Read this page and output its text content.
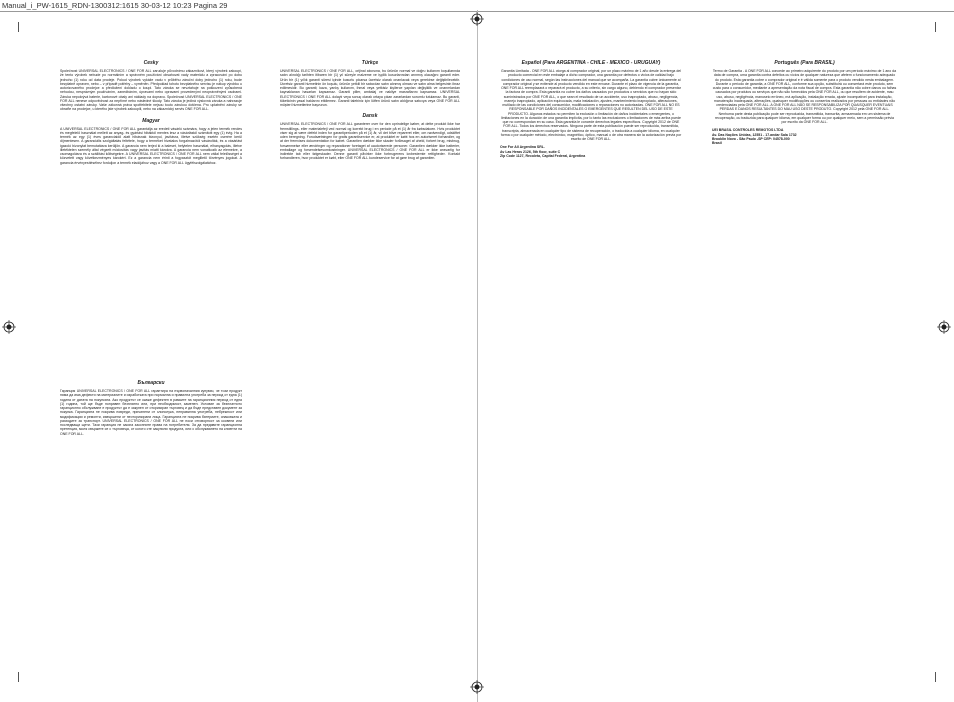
Manual_i_PW-1615_RDN-1300312:1615 30-03-12 10:23 Pagina 29
Česky

Společnost UNIVERSAL ELECTRONICS / ONE FOR ALL zaručuje původnímu zákazníkovi, který výrobek zakoupí, že tento výrobek nebude po normálním a správném používání obsahovat vady materiálu a zpracování po dobu jednoho (1) roku od data prodeje. Pokud výrobek vykáže vadu v průběhu záruční doby jednoho (1) roku, bude bezplatně opraven, nebo – v případě potřeby – vyměněn. Předpoklad tohoto bezplatného servisu je nákup výrobku u autorizovaného prodejce a předložení dokladu o koupi. Tato záruka se nevztahuje na poškození způsobená nehodou, nesprávným používáním, zanedbáním, úpravami nebo opravami provedenými neoprávněnými osobami. Záruka nepokrývá baterie, kartonové obaly ani náklady na dopravu. Společnost UNIVERSAL ELECTRONICS / ONE FOR ALL nenese odpovědnost za nepřímé nebo následné škody. Tato záruka je jediná výslovná záruka a nahrazuje všechny ostatní záruky. Vaše zákonná práva spotřebitele nejsou touto zárukou dotčena. Pro uplatnění záruky se obraťte na prodejce, u kterého jste výrobek zakoupili, nebo na zákaznický servis ONE FOR ALL.

Magyar

A UNIVERSAL ELECTRONICS / ONE FOR ALL garantálja az eredeti vásárló számára, hogy a jelen termék rendes és megfelelő használat mellett az anyag- és gyártási hibáktól mentes lesz a vásárlástól számított egy (1) évig. Ha a termék az egy (1) éves garanciaidő alatt hibásnak bizonyul, javításra, illetve szükség esetén cserére kerül díjmentesen. A garanciális szolgáltatás feltétele, hogy a terméket hivatalos forgalmazótól vásárolták, és a vásárlást igazoló bizonylat bemutatásra kerüljön. A garancia nem terjed ki a baleset, helytelen használat, elhanyagolás, illetve illetéktelen személy által végzett módosítás vagy javítás miatti károkra. A garancia nem vonatkozik az elemekre, a csomagolásra és a szállítási költségekre. A UNIVERSAL ELECTRONICS / ONE FOR ALL nem vállal felelősséget a közvetett vagy következményes károkért. Ez a garancia nem érinti a fogyasztót megillető törvényes jogokat. A garancia érvényesítéséhez forduljon a termék eladójához vagy a ONE FOR ALL ügyfélszolgálatához.

Български

Гаранция UNIVERSAL ELECTRONICS / ONE FOR ALL гарантира на първоначалния купувач, че този продукт няма да има дефекти на материалите и изработката при нормална и правилна употреба за период от една (1) година от датата на покупката. Ако продуктът се окаже дефектен в рамките на гаранционния период от една (1) година, той ще бъде поправен безплатно или, при необходимост, заменен. Условие за безплатното гаранционно обслужване е продуктът да е закупен от оторизиран търговец и да бъде представен документ за покупка. Гаранцията не покрива повреди, причинени от злополука, неправилна употреба, небрежност или модификации и ремонти, извършени от неоторизирани лица. Гаранцията не покрива батериите, опаковката и разходите за транспорт. UNIVERSAL ELECTRONICS / ONE FOR ALL не носи отговорност за косвени или последващи щети. Тази гаранция не засяга законните права на потребителя. За да предявите гаранционна претенция, моля свържете се с търговеца, от когото сте закупили продукта, или с обслужването на клиенти на ONE FOR ALL.

Türkçe

UNIVERSAL ELECTRONICS / ONE FOR ALL, orijinal alıcısına, bu ürünün normal ve doğru kullanım koşullarında satın alındığı tarihten itibaren bir (1) yıl süreyle malzeme ve işçilik kusurlarından arınmış olacağını garanti eder. Ürün bir (1) yıllık garanti süresi içinde kusurlu çıkarsa ücretsiz olarak onarılacak veya gerekirse değiştirilecektir. Ücretsiz garanti hizmetinin ön koşulu, ürünün yetkili bir satıcıdan satın alınmış olması ve satın alma belgesinin ibraz edilmesidir. Bu garanti; kaza, yanlış kullanım, ihmal veya yetkisiz kişilerce yapılan değişiklik ve onarımlardan kaynaklanan hasarları kapsamaz. Garanti piller, ambalaj ve nakliye masraflarını kapsamaz. UNIVERSAL ELECTRONICS / ONE FOR ALL dolaylı veya sonuç olarak ortaya çıkan zararlardan sorumlu tutulamaz. Bu garanti, tüketicinin yasal haklarını etkilemez. Garanti talebiniz için lütfen ürünü satın aldığınız satıcıya veya ONE FOR ALL müşteri hizmetlerine başvurun.

Dansk

UNIVERSAL ELECTRONICS / ONE FOR ALL garanterer over for den oprindelige køber, at dette produkt ikke har fremstillings- eller materialefejl ved normal og korrekt brug i en periode på et (1) år fra købsdatoen. Hvis produktet viser sig at være defekt inden for garantiperioden på et (1) år, vil det blive repareret eller, om nødvendigt, udskiftet uden beregning. Forudsætningen for gratis garantiservice er, at produktet er købt hos en autoriseret forhandler, og at der fremvises dokumentation for købet. Garantien dækker ikke skader forårsaget af uheld, forkert brug, misbrug, forsømmelse eller ændringer og reparationer foretaget af uautoriserede personer. Garantien dækker ikke batterier, emballage og forsendelsesomkostninger. UNIVERSAL ELECTRONICS / ONE FOR ALL er ikke ansvarlig for indirekte tab eller følgeskader. Denne garanti påvirker ikke forbrugerens lovbestemte rettigheder. Kontakt forhandleren, hvor produktet er købt, eller ONE FOR ALL kundeservice for at gøre brug af garantien.

Español (Para ARGENTINA - CHILE - MEXICO - URUGUAY)

Garantía Limitada - ONE FOR ALL otorga al comprador original, por un plazo máximo de 1 año desde la entrega del producto comercial en este embalaje a dicho comprador, una garantía por defectos o vicios de calidad bajo condiciones de uso normal, según las instrucciones del manual que se acompaña. La garantía cubre únicamente al comprador original y se extiende al producto vendido en este envase. Durante el plazo de vigencia de la garantía, ONE FOR ALL reemplazará o reparará el producto, a su criterio, sin cargo alguno, debiendo el comprador presentar la factura de compra. Esta garantía no cubre los daños causados por productos o servicios que no hayan sido suministrados por ONE FOR ALL, o que sean el resultado de un accidente, uso inapropiado, abuso, negligencia, manejo inapropiado, aplicación equivocada, mala instalación, ajustes, mantenimiento inapropiado, alteraciones, mutilado de las condiciones del consumidor, modificaciones o reparaciones no autorizadas. ONE FOR ALL NO ES RESPONSABLE POR DAÑOS INCIDENTALES O EMERGENTES QUE RESULTEN DEL USO DE ESTE PRODUCTO. Algunos estados no permiten la exclusión o limitación de daños incidentales o emergentes, o limitaciones en la duración de una garantía implícita, por lo tanto las exclusiones o limitaciones de más arriba puede que no correspondan en su caso. Esta garantía le concede derechos legales específicos. Copyright 2012 de ONE FOR ALL. Todos los derechos reservados. Ninguna parte de esta publicación puede ser reproducida, transmitida, transcripta, almacenada en cualquier tipo de sistema de recuperación, o traducida a cualquier idioma, en cualquier forma o por cualquier método, electrónico, magnético, óptico, manual o de otra manera sin la autorización previa por escrito de ONE FOR ALL.

One For All Argentina SRL.
Av Las Heras 2126, 5th floor, suite C
Zip Code 1127, Recoleta, Capital Federal, Argentina
Português (Para BRASIL)

Termo de Garantia - A ONE FOR ALL concede ao primeiro adquirente do produto por um período máximo de 1 ano da data de compra, uma garantia contra defeitos ou vícios de qualquer natureza que afetem o funcionamento adequado do produto. Esta garantia cobre o comprador original e é válida somente para o produto vendido nesta embalagem. Durante o período de garantia, a ONE FOR ALL, conforme sua opção, substituirá ou consertará este produto, sem custo para o consumidor, mediante a apresentação da nota fiscal de compra. Esta garantia não cobre danos ou falhas causados por produtos ou serviços que não são fornecidos pela ONE FOR ALL, ou que resultem de acidente, mau uso, abuso, negligência, manuseio errôneo, má aplicação, instalação errada, ajuste incompatível para instalação, manutenção inadequada, alterações, quaisquer modificações ou consertos realizados por pessoas ou entidades não credenciadas pela ONE FOR ALL. A ONE FOR ALL NÃO SE RESPONSABILIZA POR QUAISQUER EVENTUAIS PERDAS E DANOS RESULTANTES DO MAU USO DESTE PRODUTO. Copyright 2012 pela ONE FOR ALL. Nenhuma parte desta publicação pode ser reproduzida, transmitida, transcrita, armazenada em um sistema de recuperação, ou traduzida para qualquer idioma, em qualquer forma ou por qualquer meio, sem a permissão prévia por escrito da ONE FOR ALL.

UEI BRASIL CONTROLES REMOTOS LTDA
Av. Das Nações Unidas, 12551 - 17.andar Sala 1732
Brooklin Novo - São Paulo -SP CEP: 04578-000
Brasil
